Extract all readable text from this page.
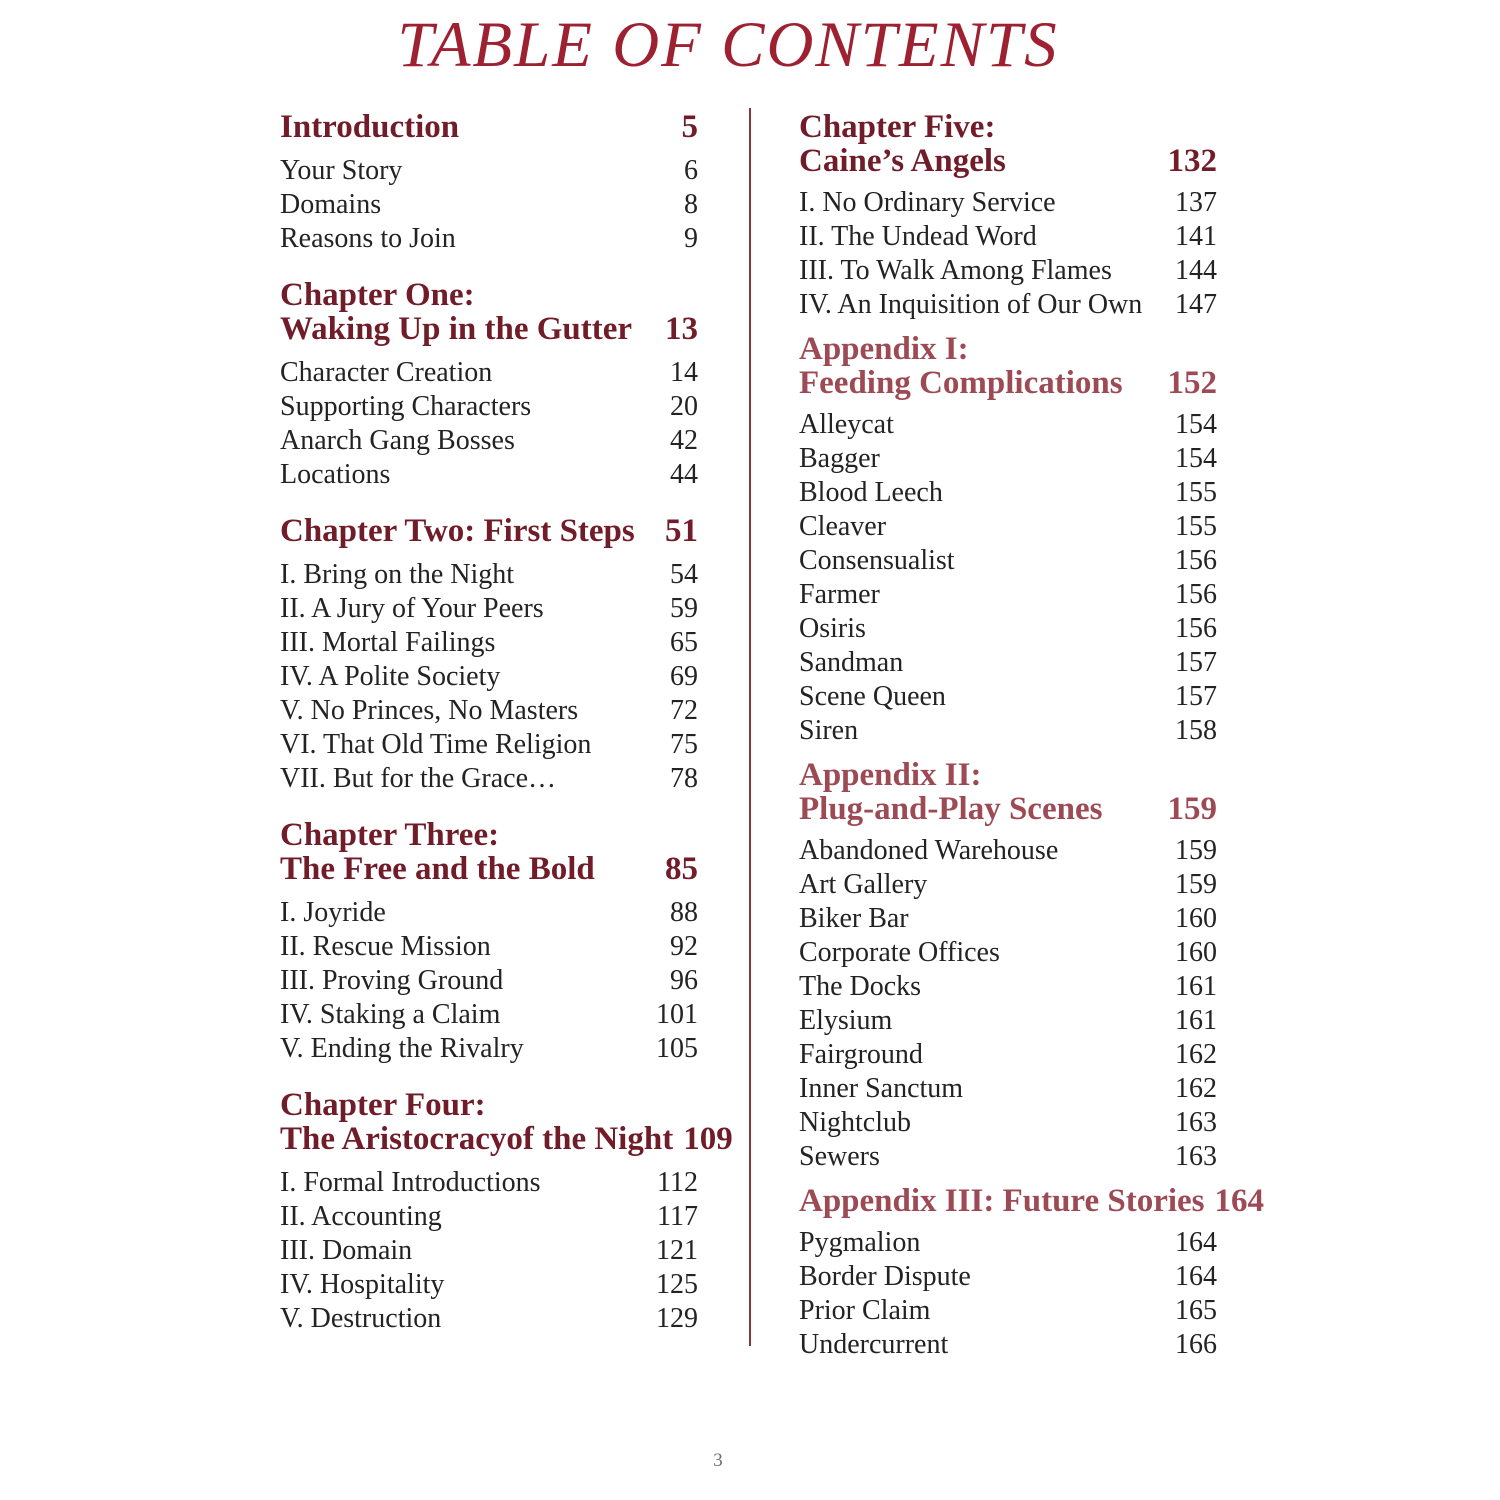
TABLE OF CONTENTS
Introduction	5
Your Story	6
Domains	8
Reasons to Join	9
Chapter One:
Waking Up in the Gutter 13
Character Creation	14
Supporting Characters	20
Anarch Gang Bosses	42
Locations	44
Chapter Two: First Steps 51
I. Bring on the Night	54
II. A Jury of Your Peers	59
III. Mortal Failings	65
IV. A Polite Society	69
V. No Princes, No Masters	72
VI. That Old Time Religion	75
VII. But for the Grace…	78
Chapter Three:
The Free and the Bold 85
I. Joyride	88
II. Rescue Mission	92
III. Proving Ground	96
IV. Staking a Claim	101
V. Ending the Rivalry	105
Chapter Four:
The Aristocracyof the Night 109
I. Formal Introductions	112
II. Accounting	117
III. Domain	121
IV. Hospitality	125
V. Destruction	129
Chapter Five:
Caine’s Angels	132
I. No Ordinary Service	137
II. The Undead Word	141
III. To Walk Among Flames 144
IV. An Inquisition of Our Own 147
Appendix I:
Feeding Complications 152
Alleycat	154
Bagger	154
Blood Leech	155
Cleaver	155
Consensualist	156
Farmer	156
Osiris	156
Sandman	157
Scene Queen	157
Siren	158
Appendix II:
Plug-and-Play Scenes 159
Abandoned Warehouse	159
Art Gallery	159
Biker Bar	160
Corporate Offices	160
The Docks	161
Elysium	161
Fairground	162
Inner Sanctum	162
Nightclub	163
Sewers	163
Appendix III: Future Stories 164
Pygmalion	164
Border Dispute	164
Prior Claim	165
Undercurrent	166
3
